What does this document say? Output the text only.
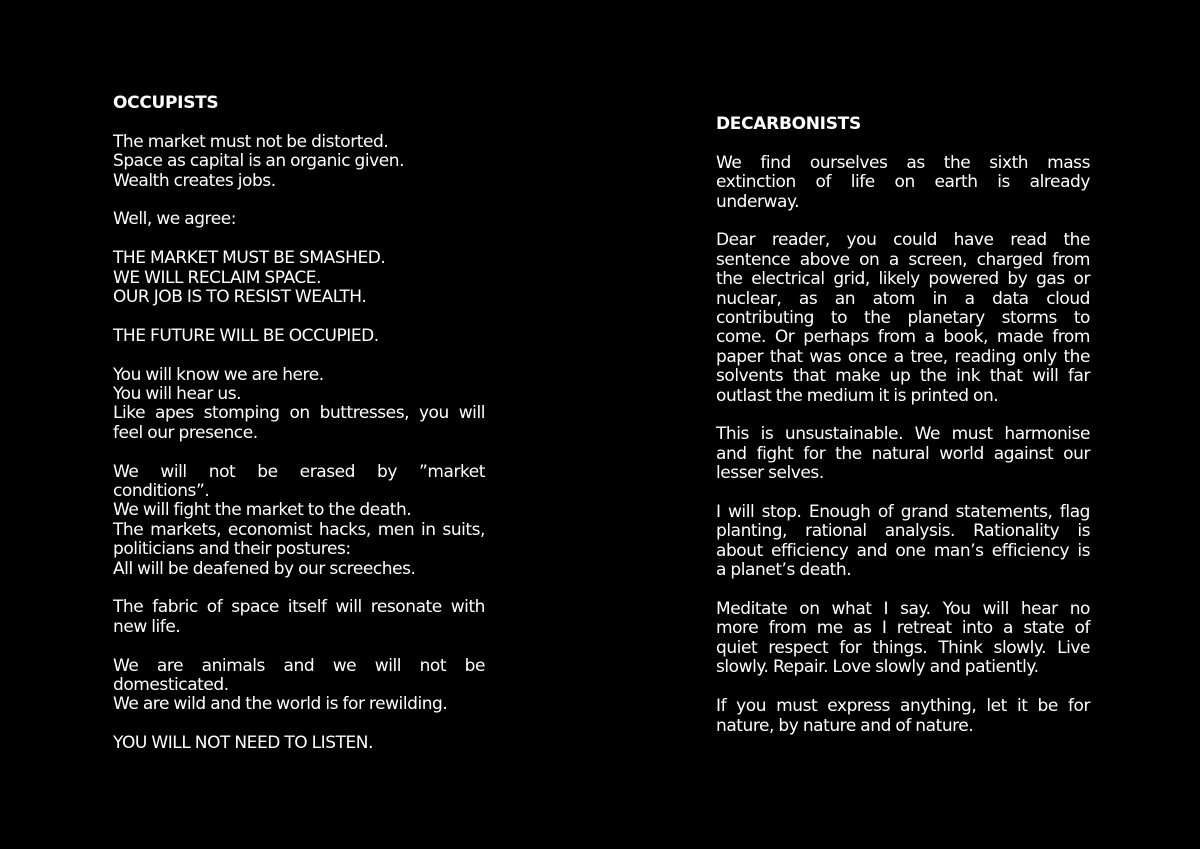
OCCUPISTS
The market must not be distorted.
Space as capital is an organic given.
Wealth creates jobs.
Well, we agree:
THE MARKET MUST BE SMASHED.
WE WILL RECLAIM SPACE.
OUR JOB IS TO RESIST WEALTH.
THE FUTURE WILL BE OCCUPIED.
You will know we are here.
You will hear us.
Like apes stomping on buttresses, you will
feel our presence.
We will not be erased by ”market
conditions”.
We will fight the market to the death.
The markets, economist hacks, men in suits,
politicians and their postures:
All will be deafened by our screeches.
The fabric of space itself will resonate with
new life.
We are animals and we will not be
domesticated.
We are wild and the world is for rewilding.
YOU WILL NOT NEED TO LISTEN.
DECARBONISTS
We find ourselves as the sixth mass
extinction of life on earth is already
underway.
Dear reader, you could have read the
sentence above on a screen, charged from
the electrical grid, likely powered by gas or
nuclear, as an atom in a data cloud
contributing to the planetary storms to
come. Or perhaps from a book, made from
paper that was once a tree, reading only the
solvents that make up the ink that will far
outlast the medium it is printed on.
This is unsustainable. We must harmonise
and fight for the natural world against our
lesser selves.
I will stop. Enough of grand statements, flag
planting, rational analysis. Rationality is
about efficiency and one man’s efficiency is
a planet’s death.
Meditate on what I say. You will hear no
more from me as I retreat into a state of
quiet respect for things. Think slowly. Live
slowly. Repair. Love slowly and patiently.
If you must express anything, let it be for
nature, by nature and of nature.
